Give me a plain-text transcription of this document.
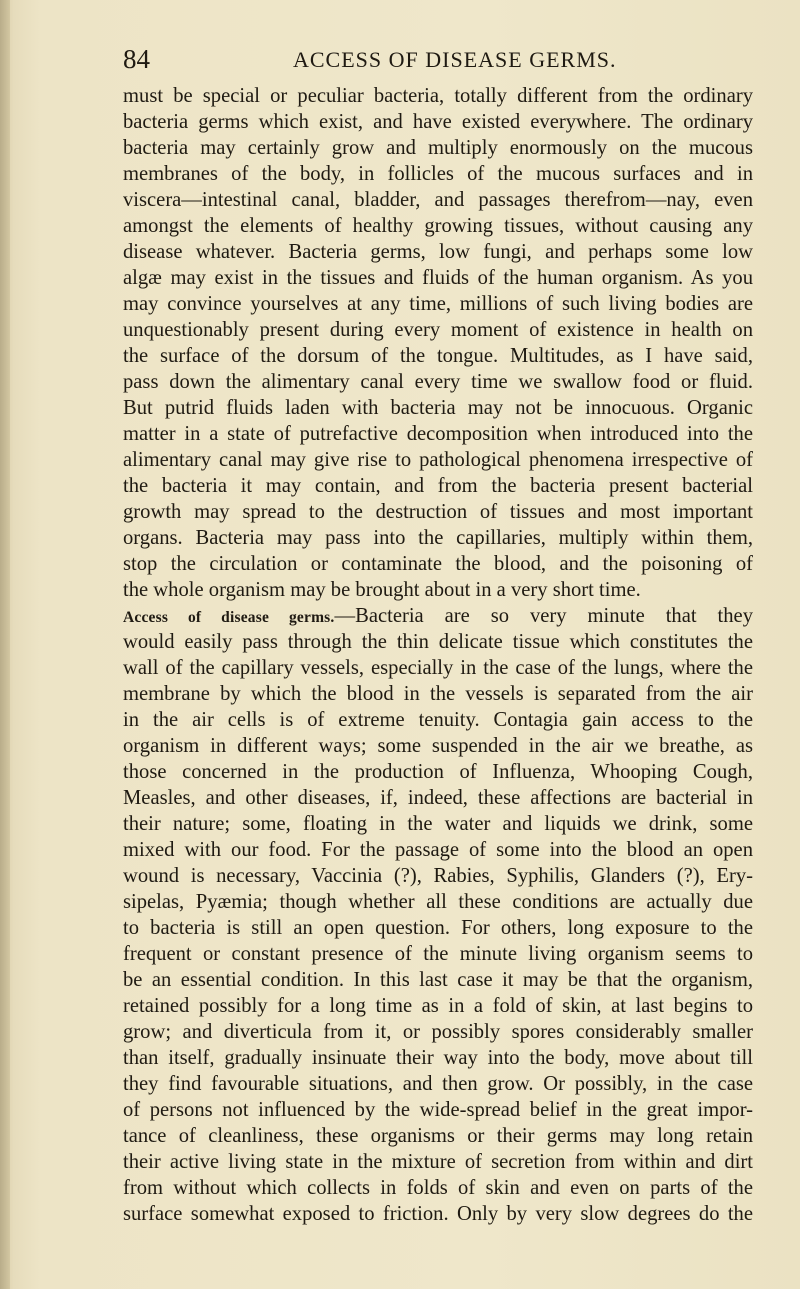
84	ACCESS OF DISEASE GERMS.
must be special or peculiar bacteria, totally different from the ordinary
bacteria germs which exist, and have existed everywhere. The ordinary
bacteria may certainly grow and multiply enormously on the mucous
membranes of the body, in follicles of the mucous surfaces and in
viscera—intestinal canal, bladder, and passages therefrom—nay, even
amongst the elements of healthy growing tissues, without causing any
disease whatever. Bacteria germs, low fungi, and perhaps some low
algæ may exist in the tissues and fluids of the human organism. As you
may convince yourselves at any time, millions of such living bodies are
unquestionably present during every moment of existence in health on
the surface of the dorsum of the tongue. Multitudes, as I have said,
pass down the alimentary canal every time we swallow food or fluid.
But putrid fluids laden with bacteria may not be innocuous. Organic
matter in a state of putrefactive decomposition when introduced into the
alimentary canal may give rise to pathological phenomena irrespective of
the bacteria it may contain, and from the bacteria present bacterial
growth may spread to the destruction of tissues and most important
organs. Bacteria may pass into the capillaries, multiply within them,
stop the circulation or contaminate the blood, and the poisoning of
the whole organism may be brought about in a very short time.
Access of disease germs.—Bacteria are so very minute that they
would easily pass through the thin delicate tissue which constitutes the
wall of the capillary vessels, especially in the case of the lungs, where the
membrane by which the blood in the vessels is separated from the air
in the air cells is of extreme tenuity. Contagia gain access to the
organism in different ways; some suspended in the air we breathe, as
those concerned in the production of Influenza, Whooping Cough,
Measles, and other diseases, if, indeed, these affections are bacterial in
their nature; some, floating in the water and liquids we drink, some
mixed with our food. For the passage of some into the blood an open
wound is necessary, Vaccinia (?), Rabies, Syphilis, Glanders (?), Ery-
sipelas, Pyæmia; though whether all these conditions are actually due
to bacteria is still an open question. For others, long exposure to the
frequent or constant presence of the minute living organism seems to
be an essential condition. In this last case it may be that the organism,
retained possibly for a long time as in a fold of skin, at last begins to
grow; and diverticula from it, or possibly spores considerably smaller
than itself, gradually insinuate their way into the body, move about till
they find favourable situations, and then grow. Or possibly, in the case
of persons not influenced by the wide-spread belief in the great impor-
tance of cleanliness, these organisms or their germs may long retain
their active living state in the mixture of secretion from within and dirt
from without which collects in folds of skin and even on parts of the
surface somewhat exposed to friction. Only by very slow degrees do the
